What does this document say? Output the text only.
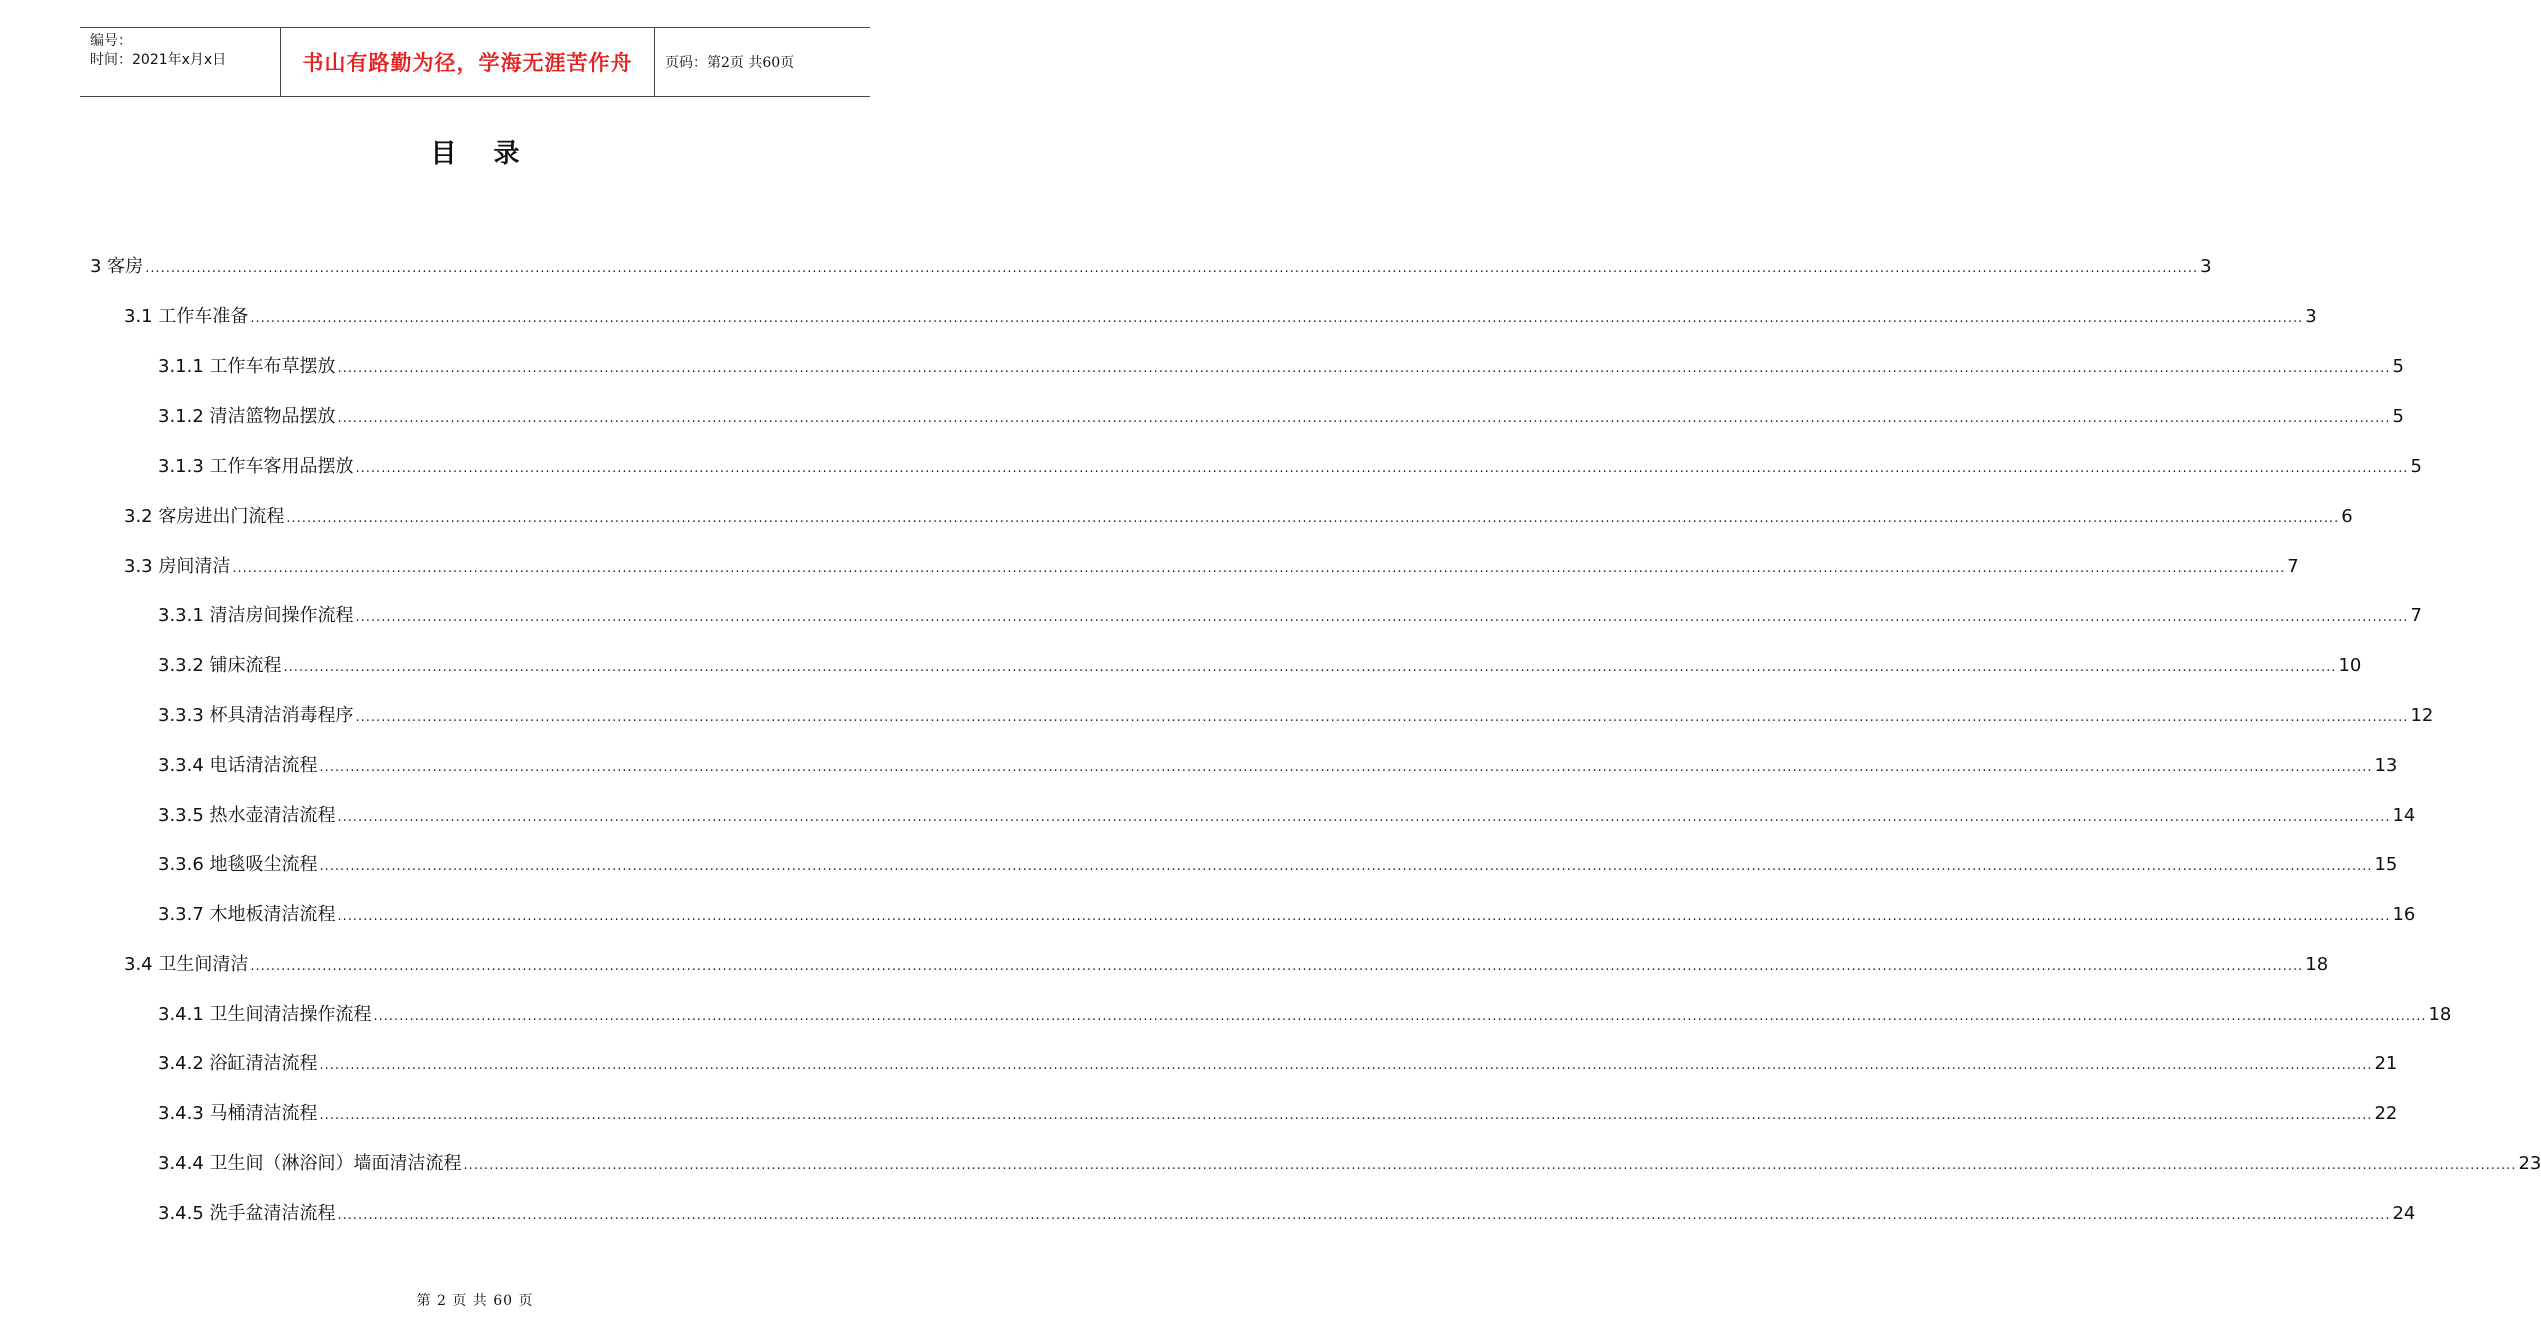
编号：
时间：2021年x月x日	书山有路勤为径，学海无涯苦作舟 页码：第2页 共60页
目 录
3 客房 ................................................................................................................................................................................................................................................................................................................................................................................................................ 3
3.1 工作车准备 ................................................................................................................................................................................................................................................................................................................................................................................................................ 3
3.1.1 工作车布草摆放 ................................................................................................................................................................................................................................................................................................................................................................................................................ 5
3.1.2 清洁篮物品摆放 ................................................................................................................................................................................................................................................................................................................................................................................................................ 5
3.1.3 工作车客用品摆放 ................................................................................................................................................................................................................................................................................................................................................................................................................ 5
3.2 客房进出门流程 ................................................................................................................................................................................................................................................................................................................................................................................................................ 6
3.3 房间清洁 ................................................................................................................................................................................................................................................................................................................................................................................................................ 7
3.3.1 清洁房间操作流程 ................................................................................................................................................................................................................................................................................................................................................................................................................ 7
3.3.2 铺床流程 ................................................................................................................................................................................................................................................................................................................................................................................................................ 10
3.3.3 杯具清洁消毒程序 ................................................................................................................................................................................................................................................................................................................................................................................................................ 12
3.3.4 电话清洁流程 ................................................................................................................................................................................................................................................................................................................................................................................................................ 13
3.3.5 热水壶清洁流程 ................................................................................................................................................................................................................................................................................................................................................................................................................ 14
3.3.6 地毯吸尘流程 ................................................................................................................................................................................................................................................................................................................................................................................................................ 15
3.3.7 木地板清洁流程 ................................................................................................................................................................................................................................................................................................................................................................................................................ 16
3.4 卫生间清洁 ................................................................................................................................................................................................................................................................................................................................................................................................................ 18
3.4.1 卫生间清洁操作流程 ................................................................................................................................................................................................................................................................................................................................................................................................................ 18
3.4.2 浴缸清洁流程 ................................................................................................................................................................................................................................................................................................................................................................................................................ 21
3.4.3 马桶清洁流程 ................................................................................................................................................................................................................................................................................................................................................................................................................ 22
3.4.4 卫生间（淋浴间）墙面清洁流程 ................................................................................................................................................................................................................................................................................................................................................................................................................ 23
3.4.5 洗手盆清洁流程 ................................................................................................................................................................................................................................................................................................................................................................................................................ 24
第 2 页 共 60 页
